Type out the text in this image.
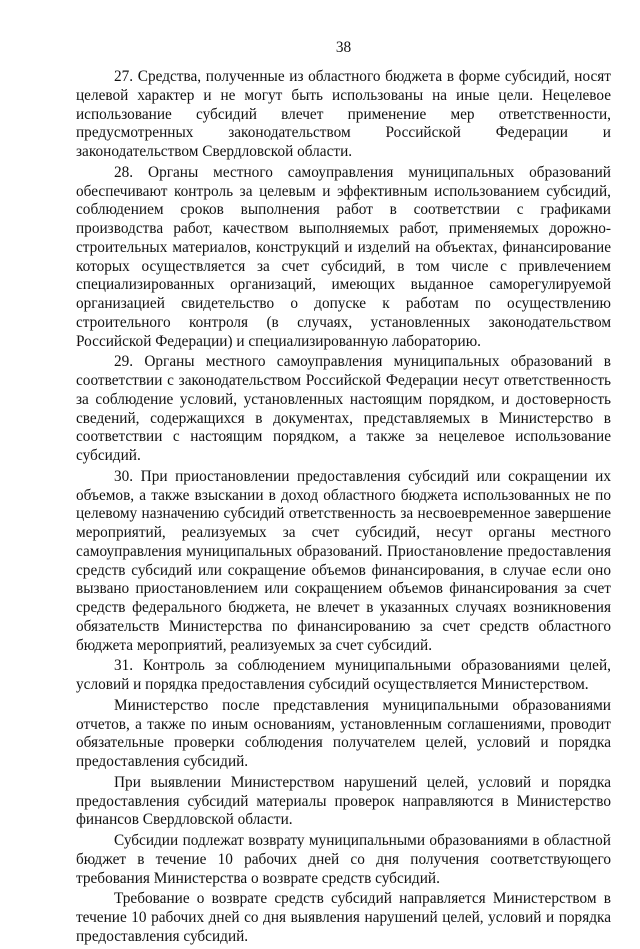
38

27. Средства, полученные из областного бюджета в форме субсидий, носят целевой характер и не могут быть использованы на иные цели. Нецелевое использование субсидий влечет применение мер ответственности, предусмотренных законодательством Российской Федерации и законодательством Свердловской области.

28. Органы местного самоуправления муниципальных образований обеспечивают контроль за целевым и эффективным использованием субсидий, соблюдением сроков выполнения работ в соответствии с графиками производства работ, качеством выполняемых работ, применяемых дорожно-строительных материалов, конструкций и изделий на объектах, финансирование которых осуществляется за счет субсидий, в том числе с привлечением специализированных организаций, имеющих выданное саморегулируемой организацией свидетельство о допуске к работам по осуществлению строительного контроля (в случаях, установленных законодательством Российской Федерации) и специализированную лабораторию.

29. Органы местного самоуправления муниципальных образований в соответствии с законодательством Российской Федерации несут ответственность за соблюдение условий, установленных настоящим порядком, и достоверность сведений, содержащихся в документах, представляемых в Министерство в соответствии с настоящим порядком, а также за нецелевое использование субсидий.

30. При приостановлении предоставления субсидий или сокращении их объемов, а также взыскании в доход областного бюджета использованных не по целевому назначению субсидий ответственность за несвоевременное завершение мероприятий, реализуемых за счет субсидий, несут органы местного самоуправления муниципальных образований. Приостановление предоставления средств субсидий или сокращение объемов финансирования, в случае если оно вызвано приостановлением или сокращением объемов финансирования за счет средств федерального бюджета, не влечет в указанных случаях возникновения обязательств Министерства по финансированию за счет средств областного бюджета мероприятий, реализуемых за счет субсидий.

31. Контроль за соблюдением муниципальными образованиями целей, условий и порядка предоставления субсидий осуществляется Министерством.

Министерство после представления муниципальными образованиями отчетов, а также по иным основаниям, установленным соглашениями, проводит обязательные проверки соблюдения получателем целей, условий и порядка предоставления субсидий.

При выявлении Министерством нарушений целей, условий и порядка предоставления субсидий материалы проверок направляются в Министерство финансов Свердловской области.

Субсидии подлежат возврату муниципальными образованиями в областной бюджет в течение 10 рабочих дней со дня получения соответствующего требования Министерства о возврате средств субсидий.

Требование о возврате средств субсидий направляется Министерством в течение 10 рабочих дней со дня выявления нарушений целей, условий и порядка предоставления субсидий.
